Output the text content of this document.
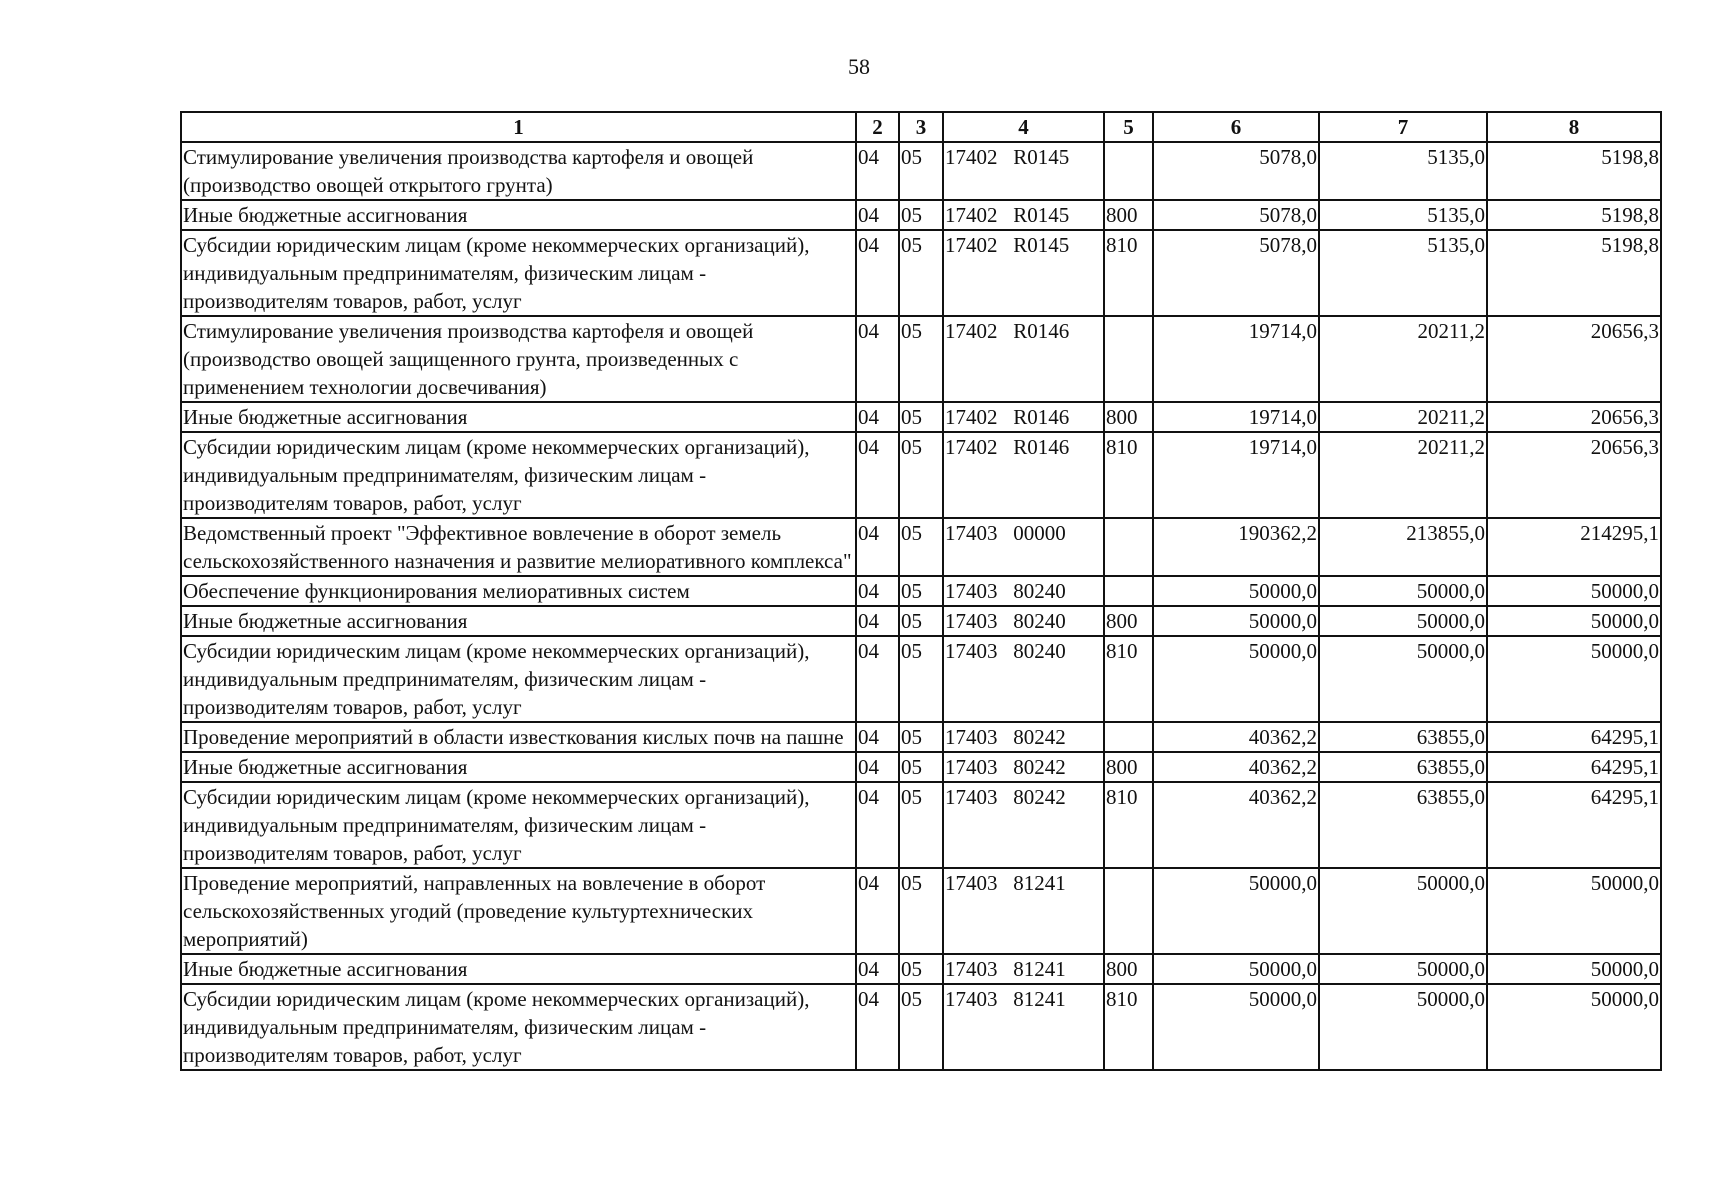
58
1	2	3	4	5	6	7	8
Стимулирование увеличения производства картофеля и овощей (производство овощей открытого грунта)	04	05	17402   R0145		5078,0	5135,0	5198,8
Иные бюджетные ассигнования	04	05	17402   R0145	800	5078,0	5135,0	5198,8
Субсидии юридическим лицам (кроме некоммерческих организаций), индивидуальным предпринимателям, физическим лицам - производителям товаров, работ, услуг	04	05	17402   R0145	810	5078,0	5135,0	5198,8
Стимулирование увеличения производства картофеля и овощей (производство овощей защищенного грунта, произведенных с применением технологии досвечивания)	04	05	17402   R0146		19714,0	20211,2	20656,3
Иные бюджетные ассигнования	04	05	17402   R0146	800	19714,0	20211,2	20656,3
Субсидии юридическим лицам (кроме некоммерческих организаций), индивидуальным предпринимателям, физическим лицам - производителям товаров, работ, услуг	04	05	17402   R0146	810	19714,0	20211,2	20656,3
Ведомственный проект "Эффективное вовлечение в оборот земель сельскохозяйственного назначения и развитие мелиоративного комплекса"	04	05	17403   00000		190362,2	213855,0	214295,1
Обеспечение функционирования мелиоративных систем	04	05	17403   80240		50000,0	50000,0	50000,0
Иные бюджетные ассигнования	04	05	17403   80240	800	50000,0	50000,0	50000,0
Субсидии юридическим лицам (кроме некоммерческих организаций), индивидуальным предпринимателям, физическим лицам - производителям товаров, работ, услуг	04	05	17403   80240	810	50000,0	50000,0	50000,0
Проведение мероприятий в области известкования кислых почв на пашне	04	05	17403   80242		40362,2	63855,0	64295,1
Иные бюджетные ассигнования	04	05	17403   80242	800	40362,2	63855,0	64295,1
Субсидии юридическим лицам (кроме некоммерческих организаций), индивидуальным предпринимателям, физическим лицам - производителям товаров, работ, услуг	04	05	17403   80242	810	40362,2	63855,0	64295,1
Проведение мероприятий, направленных на вовлечение в оборот сельскохозяйственных угодий (проведение культуртехнических мероприятий)	04	05	17403   81241		50000,0	50000,0	50000,0
Иные бюджетные ассигнования	04	05	17403   81241	800	50000,0	50000,0	50000,0
Субсидии юридическим лицам (кроме некоммерческих организаций), индивидуальным предпринимателям, физическим лицам - производителям товаров, работ, услуг	04	05	17403   81241	810	50000,0	50000,0	50000,0
